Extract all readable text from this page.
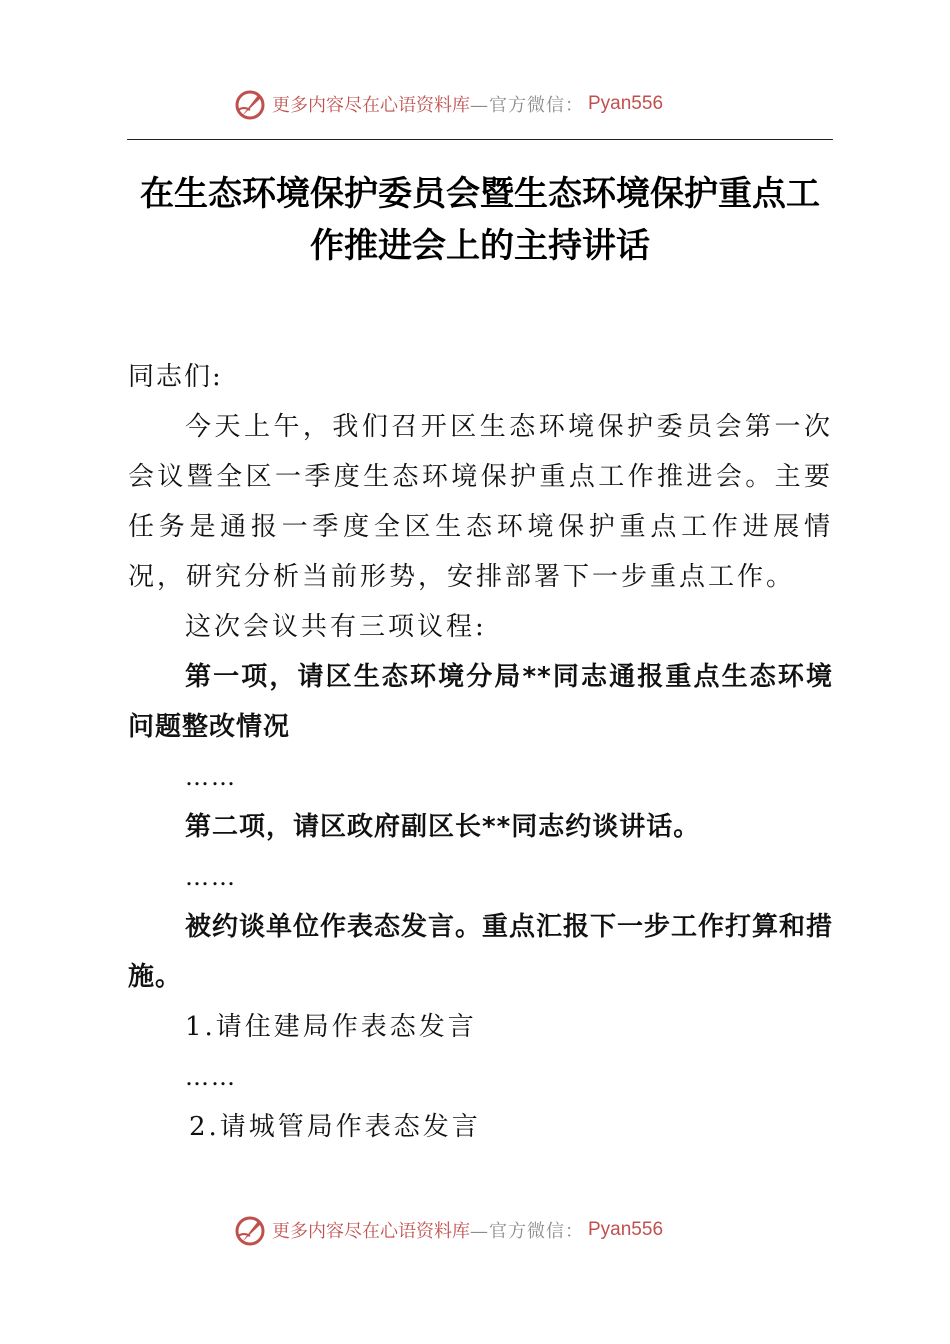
更多内容尽在心语资料库 —官方微信： Pyan556
在生态环境保护委员会暨生态环境保护重点工
作推进会上的主持讲话

同志们:

今天上午，我们召开区生态环境保护委员会第一次会议暨全区一季度生态环境保护重点工作推进会。主要任务是通报一季度全区生态环境保护重点工作进展情况，研究分析当前形势，安排部署下一步重点工作。

这次会议共有三项议程:

第一项，请区生态环境分局**同志通报重点生态环境问题整改情况

……

第二项，请区政府副区长**同志约谈讲话。

……

被约谈单位作表态发言。重点汇报下一步工作打算和措施。

1.请住建局作表态发言

……

2.请城管局作表态发言

更多内容尽在心语资料库 —官方微信： Pyan556
